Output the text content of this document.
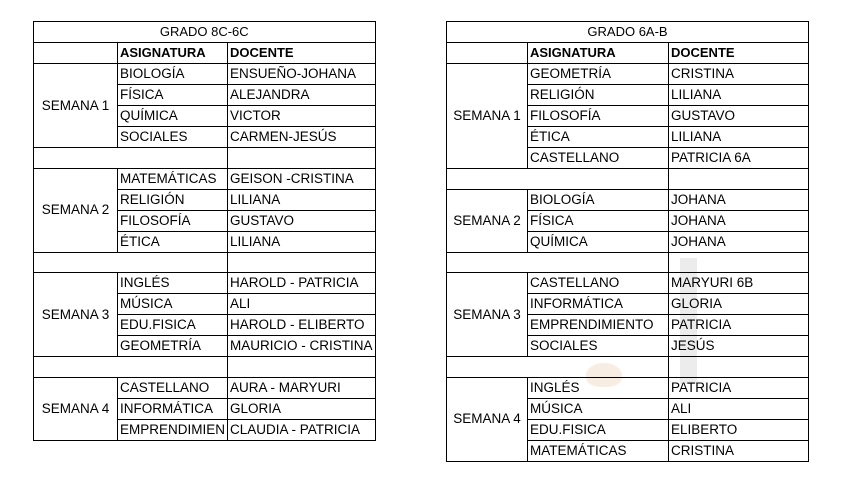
GRADO 8C-6C		
	ASIGNATURA	DOCENTE
SEMANA 1	BIOLOGÍA	ENSUEÑO-JOHANA
	FÍSICA	ALEJANDRA
	QUÍMICA	VICTOR
	SOCIALES	CARMEN-JESÚS

SEMANA 2	MATEMÁTICAS	GEISON -CRISTINA
	RELIGIÓN	LILIANA
	FILOSOFÍA	GUSTAVO
	ÉTICA	LILIANA

SEMANA 3	INGLÉS	HAROLD - PATRICIA
	MÚSICA	ALI
	EDU.FISICA	HAROLD - ELIBERTO
	GEOMETRÍA	MAURICIO - CRISTINA

SEMANA 4	CASTELLANO	AURA - MARYURI
	INFORMÁTICA	GLORIA
	EMPRENDIMIEN	CLAUDIA - PATRICIA
GRADO 6A-B		
	ASIGNATURA	DOCENTE
SEMANA 1	GEOMETRÍA	CRISTINA
	RELIGIÓN	LILIANA
	FILOSOFÍA	GUSTAVO
	ÉTICA	LILIANA
	CASTELLANO	PATRICIA 6A

SEMANA 2	BIOLOGÍA	JOHANA
	FÍSICA	JOHANA
	QUÍMICA	JOHANA

SEMANA 3	CASTELLANO	MARYURI 6B
	INFORMÁTICA	GLORIA
	EMPRENDIMIENTO	PATRICIA
	SOCIALES	JESÚS

SEMANA 4	INGLÉS	PATRICIA
	MÚSICA	ALI
	EDU.FISICA	ELIBERTO
	MATEMÁTICAS	CRISTINA
